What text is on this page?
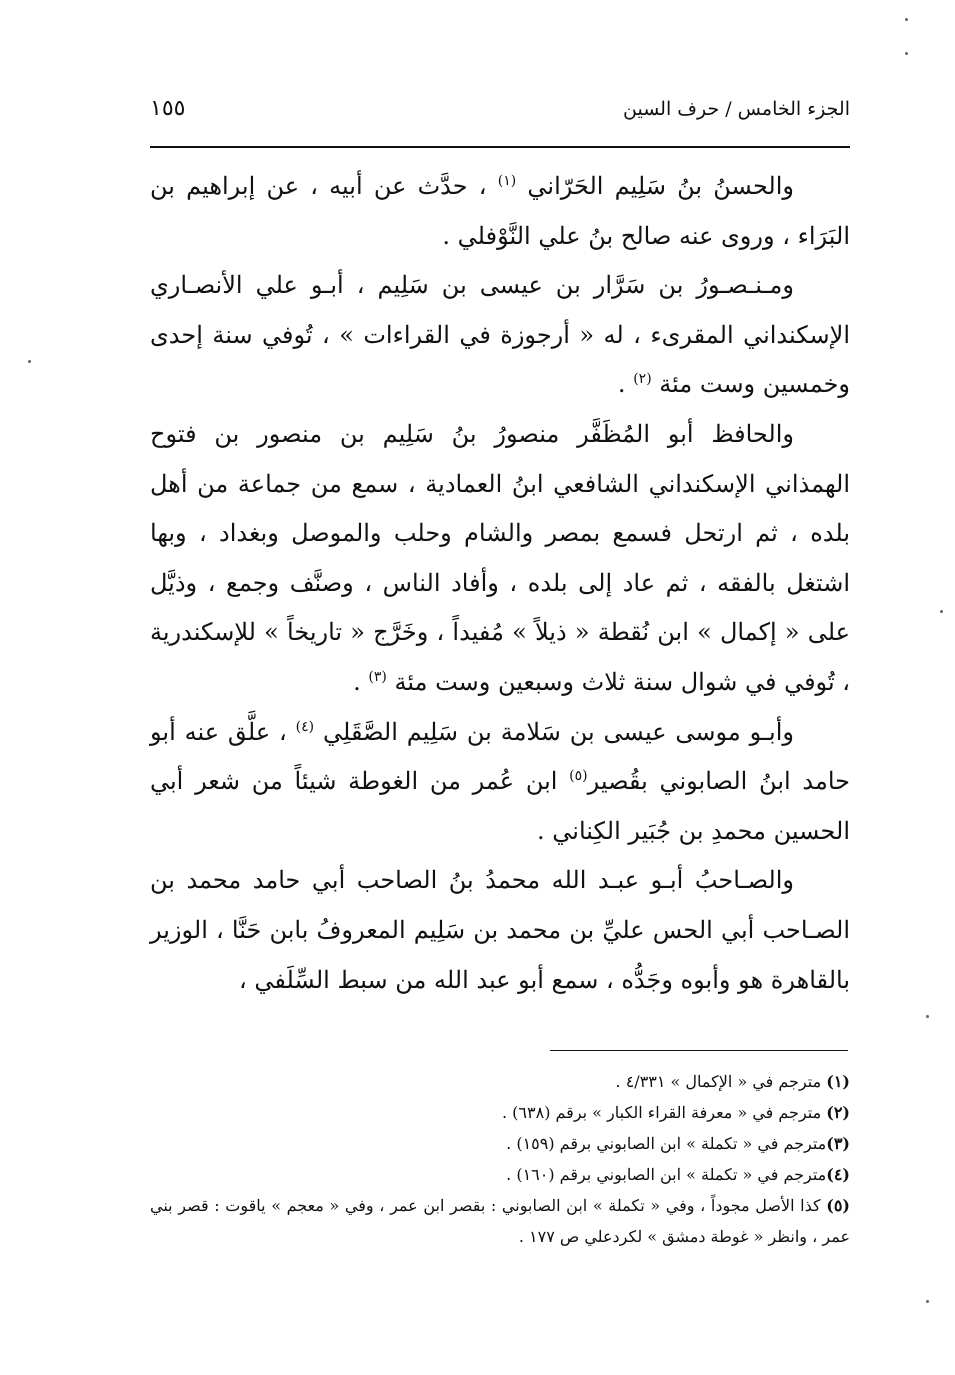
الجزء الخامس / حرف السين
١٥٥

والحسنُ بنُ سَلِيم الحَرّاني $^{(١)}$ ، حدَّث عن أبيه ، عن إبراهيم بن البَرَاء ، وروى عنه صالح بنُ علي النَّوْفلي .

ومـنـصـورُ بن سَرَّار بن عيسى بن سَلِيم ، أبـو علي الأنصـاري الإسكنداني المقرىء ، له « أرجوزة في القراءات » ، تُوفي سنة إحدى وخمسين وست مئة $^{(٢)}$ .

والحافظ أبو المُظَفَّر منصورُ بنُ سَلِيم بن منصور بن فتوح الهمذاني الإسكنداني الشافعي ابنُ العمادية ، سمع من جماعة من أهل بلده ، ثم ارتحل فسمع بمصر والشام وحلب والموصل وبغداد ، وبها اشتغل بالفقه ، ثم عاد إلى بلده ، وأفاد الناس ، وصنَّف وجمع ، وذيَّل على « إكمال » ابن نُقطة « ذيلاً » مُفيداً ، وخَرَّج « تاريخاً » للإسكندرية ، تُوفي في شوال سنة ثلاث وسبعين وست مئة $^{(٣)}$ .

وأبـو موسى عيسى بن سَلامة بن سَلِيم الصَّقَلِي $^{(٤)}$ ، علَّق عنه أبو حامد ابنُ الصابوني بقُصير$^{(٥)}$ ابن عُمر من الغوطة شيئاً من شعر أبي الحسين محمدِ بن جُبَير الكِناني .

والصـاحبُ أبـو عبـد الله محمدُ بنُ الصاحب أبي حامد محمد بن الصـاحب أبي الحس عليِّ بن محمد بن سَلِيم المعروفُ بابن حَنَّا ، الوزير بالقاهرة هو وأبوه وجَدُّه ، سمع أبو عبد الله من سبط السِّلَفي ،

(١) مترجم في « الإكمال » ٤/٣٣١ .

(٢) مترجم في « معرفة القراء الكبار » برقم (٦٣٨) .

(٣)مترجم في « تكملة » ابن الصابوني برقم (١٥٩) .

(٤)مترجم في « تكملة » ابن الصابوني برقم (١٦٠) .

(٥) كذا الأصل مجوداً ، وفي « تكملة » ابن الصابوني : بقصر ابن عمر ، وفي « معجم » ياقوت : قصر بني عمر ، وانظر « غوطة دمشق » لكردعلي ص ١٧٧ .
